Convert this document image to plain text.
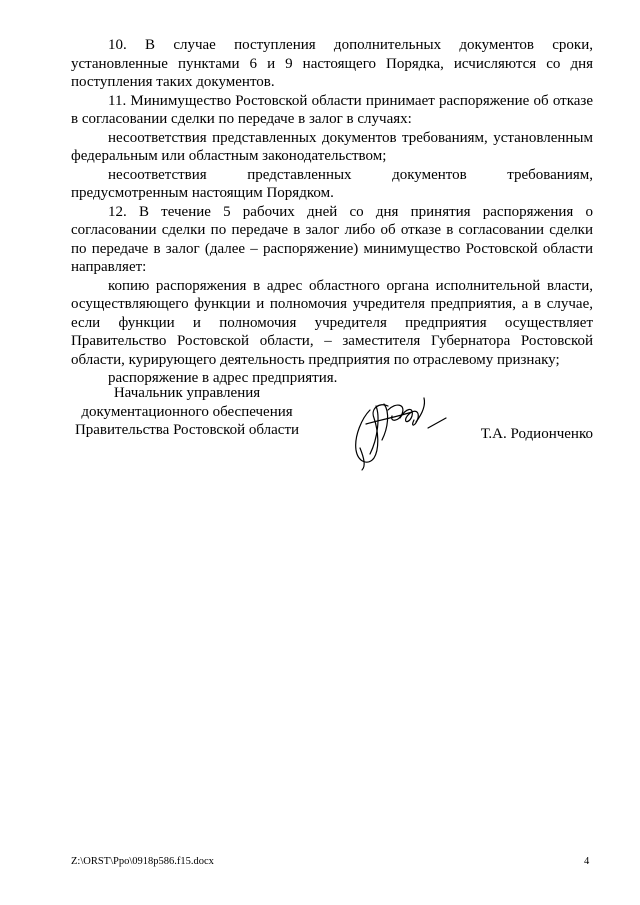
10. В случае поступления дополнительных документов сроки, установленные пунктами 6 и 9 настоящего Порядка, исчисляются со дня поступления таких документов.

11. Минимущество Ростовской области принимает распоряжение об отказе в согласовании сделки по передаче в залог в случаях:

несоответствия представленных документов требованиям, установленным федеральным или областным законодательством;

несоответствия представленных документов требованиям, предусмотренным настоящим Порядком.

12. В течение 5 рабочих дней со дня принятия распоряжения о согласовании сделки по передаче в залог либо об отказе в согласовании сделки по передаче в залог (далее – распоряжение) минимущество Ростовской области направляет:

копию распоряжения в адрес областного органа исполнительной власти, осуществляющего функции и полномочия учредителя предприятия, а в случае, если функции и полномочия учредителя предприятия осуществляет Правительство Ростовской области, – заместителя Губернатора Ростовской области, курирующего деятельность предприятия по отраслевому признаку;

распоряжение в адрес предприятия.

Начальник управления
документационного обеспечения
Правительства Ростовской области	Т.А. Родионченко
Z:\ORST\Ppo\0918p586.f15.docx	4
